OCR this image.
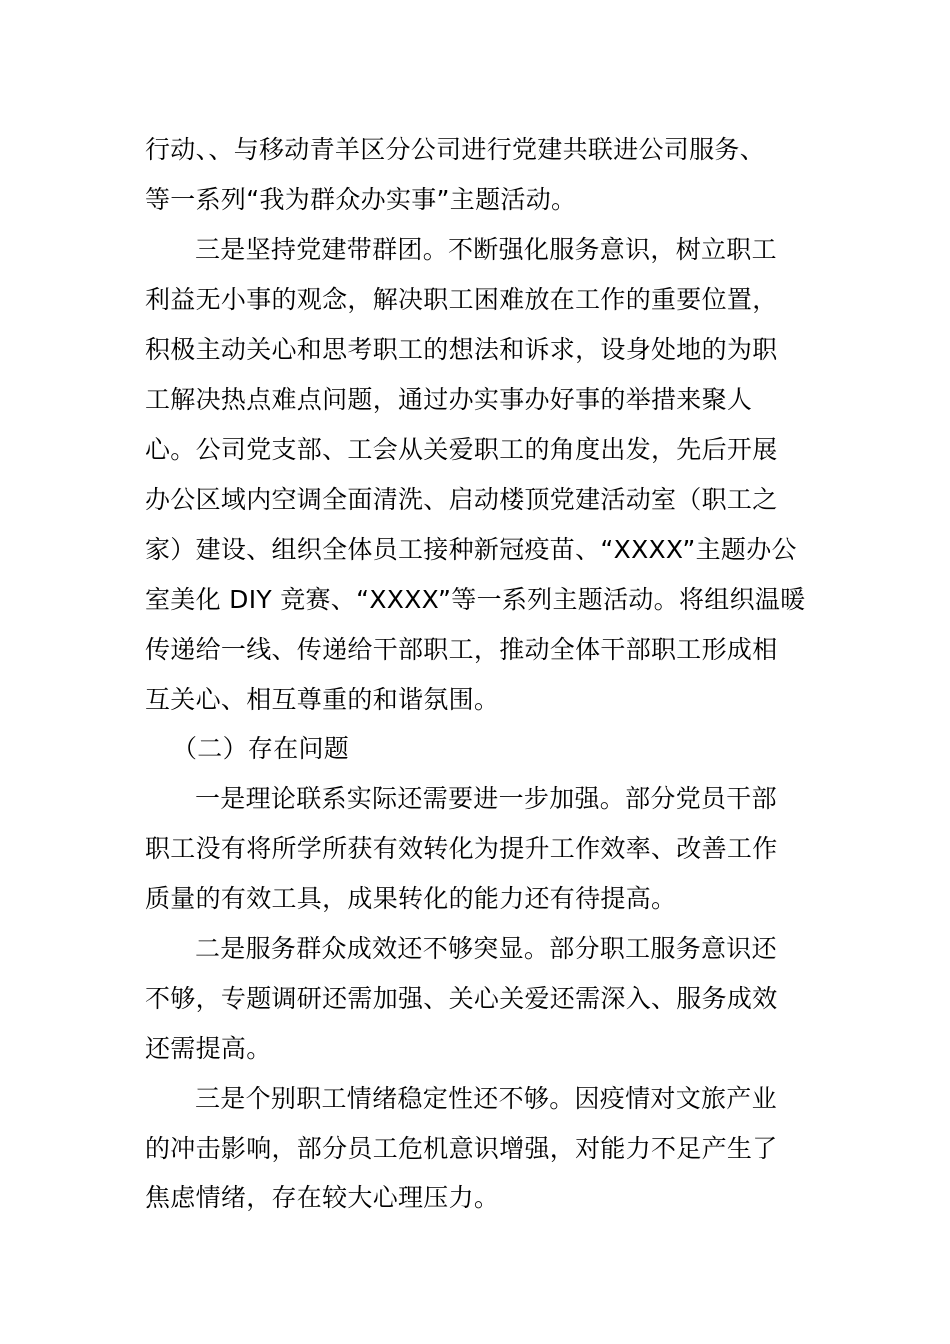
行动、、与移动青羊区分公司进行党建共联进公司服务、
等一系列“我为群众办实事”主题活动。
三是坚持党建带群团。不断强化服务意识，树立职工
利益无小事的观念，解决职工困难放在工作的重要位置，
积极主动关心和思考职工的想法和诉求，设身处地的为职
工解决热点难点问题，通过办实事办好事的举措来聚人
心。公司党支部、工会从关爱职工的角度出发，先后开展
办公区域内空调全面清洗、启动楼顶党建活动室（职工之
家）建设、组织全体员工接种新冠疫苗、“XXXX”主题办公
室美化 DIY 竞赛、“XXXX”等一系列主题活动。将组织温暖
传递给一线、传递给干部职工，推动全体干部职工形成相
互关心、相互尊重的和谐氛围。
（二）存在问题
一是理论联系实际还需要进一步加强。部分党员干部
职工没有将所学所获有效转化为提升工作效率、改善工作
质量的有效工具，成果转化的能力还有待提高。
二是服务群众成效还不够突显。部分职工服务意识还
不够，专题调研还需加强、关心关爱还需深入、服务成效
还需提高。
三是个别职工情绪稳定性还不够。因疫情对文旅产业
的冲击影响，部分员工危机意识增强，对能力不足产生了
焦虑情绪，存在较大心理压力。
